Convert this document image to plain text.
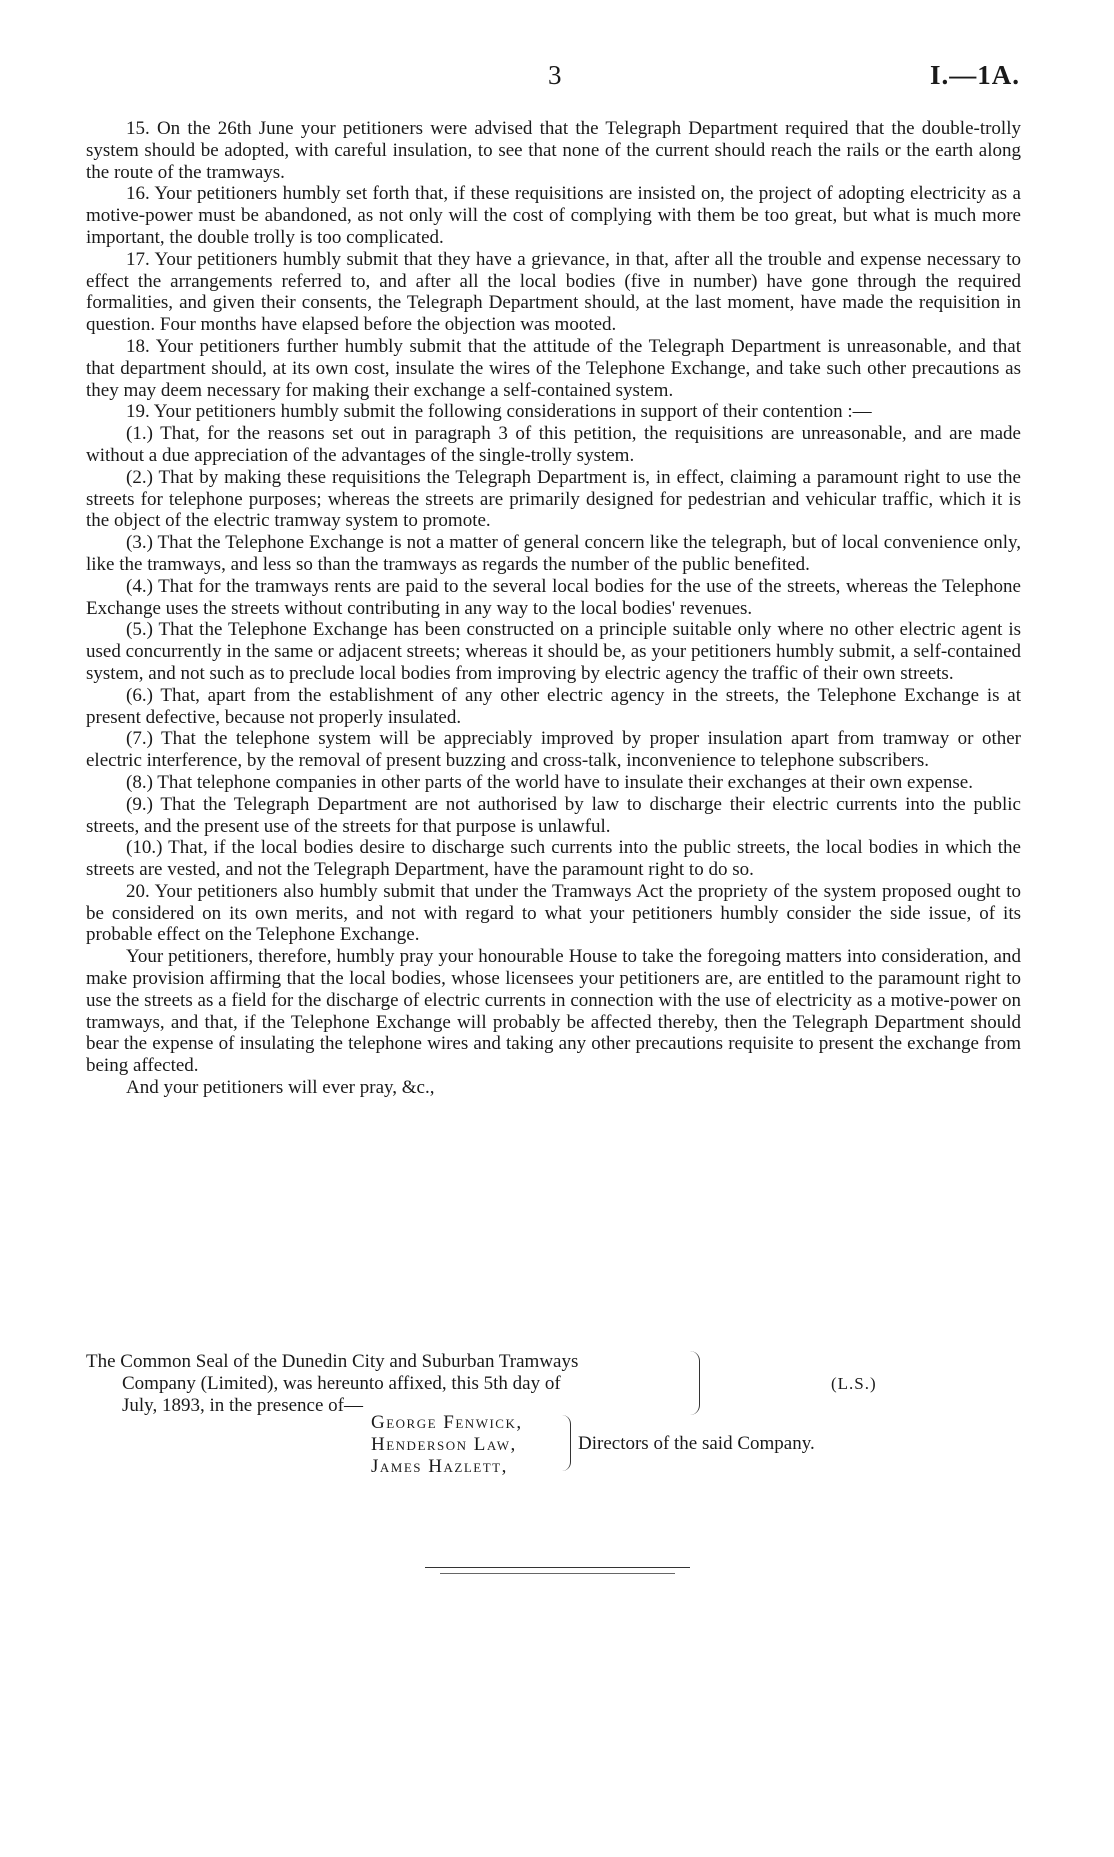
3	I.—1A.

15. On the 26th June your petitioners were advised that the Telegraph Department required that the double-trolly system should be adopted, with careful insulation, to see that none of the current should reach the rails or the earth along the route of the tramways.

16. Your petitioners humbly set forth that, if these requisitions are insisted on, the project of adopting electricity as a motive-power must be abandoned, as not only will the cost of complying with them be too great, but what is much more important, the double trolly is too complicated.

17. Your petitioners humbly submit that they have a grievance, in that, after all the trouble and expense necessary to effect the arrangements referred to, and after all the local bodies (five in number) have gone through the required formalities, and given their consents, the Telegraph Department should, at the last moment, have made the requisition in question. Four months have elapsed before the objection was mooted.

18. Your petitioners further humbly submit that the attitude of the Telegraph Department is unreasonable, and that that department should, at its own cost, insulate the wires of the Telephone Exchange, and take such other precautions as they may deem necessary for making their exchange a self-contained system.

19. Your petitioners humbly submit the following considerations in support of their contention :—

(1.) That, for the reasons set out in paragraph 3 of this petition, the requisitions are unreasonable, and are made without a due appreciation of the advantages of the single-trolly system.

(2.) That by making these requisitions the Telegraph Department is, in effect, claiming a paramount right to use the streets for telephone purposes; whereas the streets are primarily designed for pedestrian and vehicular traffic, which it is the object of the electric tramway system to promote.

(3.) That the Telephone Exchange is not a matter of general concern like the telegraph, but of local convenience only, like the tramways, and less so than the tramways as regards the number of the public benefited.

(4.) That for the tramways rents are paid to the several local bodies for the use of the streets, whereas the Telephone Exchange uses the streets without contributing in any way to the local bodies' revenues.

(5.) That the Telephone Exchange has been constructed on a principle suitable only where no other electric agent is used concurrently in the same or adjacent streets; whereas it should be, as your petitioners humbly submit, a self-contained system, and not such as to preclude local bodies from improving by electric agency the traffic of their own streets.

(6.) That, apart from the establishment of any other electric agency in the streets, the Telephone Exchange is at present defective, because not properly insulated.

(7.) That the telephone system will be appreciably improved by proper insulation apart from tramway or other electric interference, by the removal of present buzzing and cross-talk, inconvenience to telephone subscribers.

(8.) That telephone companies in other parts of the world have to insulate their exchanges at their own expense.

(9.) That the Telegraph Department are not authorised by law to discharge their electric currents into the public streets, and the present use of the streets for that purpose is unlawful.

(10.) That, if the local bodies desire to discharge such currents into the public streets, the local bodies in which the streets are vested, and not the Telegraph Department, have the paramount right to do so.

20. Your petitioners also humbly submit that under the Tramways Act the propriety of the system proposed ought to be considered on its own merits, and not with regard to what your petitioners humbly consider the side issue, of its probable effect on the Telephone Exchange.

Your petitioners, therefore, humbly pray your honourable House to take the foregoing matters into consideration, and make provision affirming that the local bodies, whose licensees your petitioners are, are entitled to the paramount right to use the streets as a field for the discharge of electric currents in connection with the use of electricity as a motive-power on tramways, and that, if the Telephone Exchange will probably be affected thereby, then the Telegraph Department should bear the expense of insulating the telephone wires and taking any other precautions requisite to present the exchange from being affected.

And your petitioners will ever pray, &c.,

The Common Seal of the Dunedin City and Suburban Tramways
Company (Limited), was hereunto affixed, this 5th day of
July, 1893, in the presence of—
(L.S.)
George Fenwick,
Henderson Law,
James Hazlett,
Directors of the said Company.
